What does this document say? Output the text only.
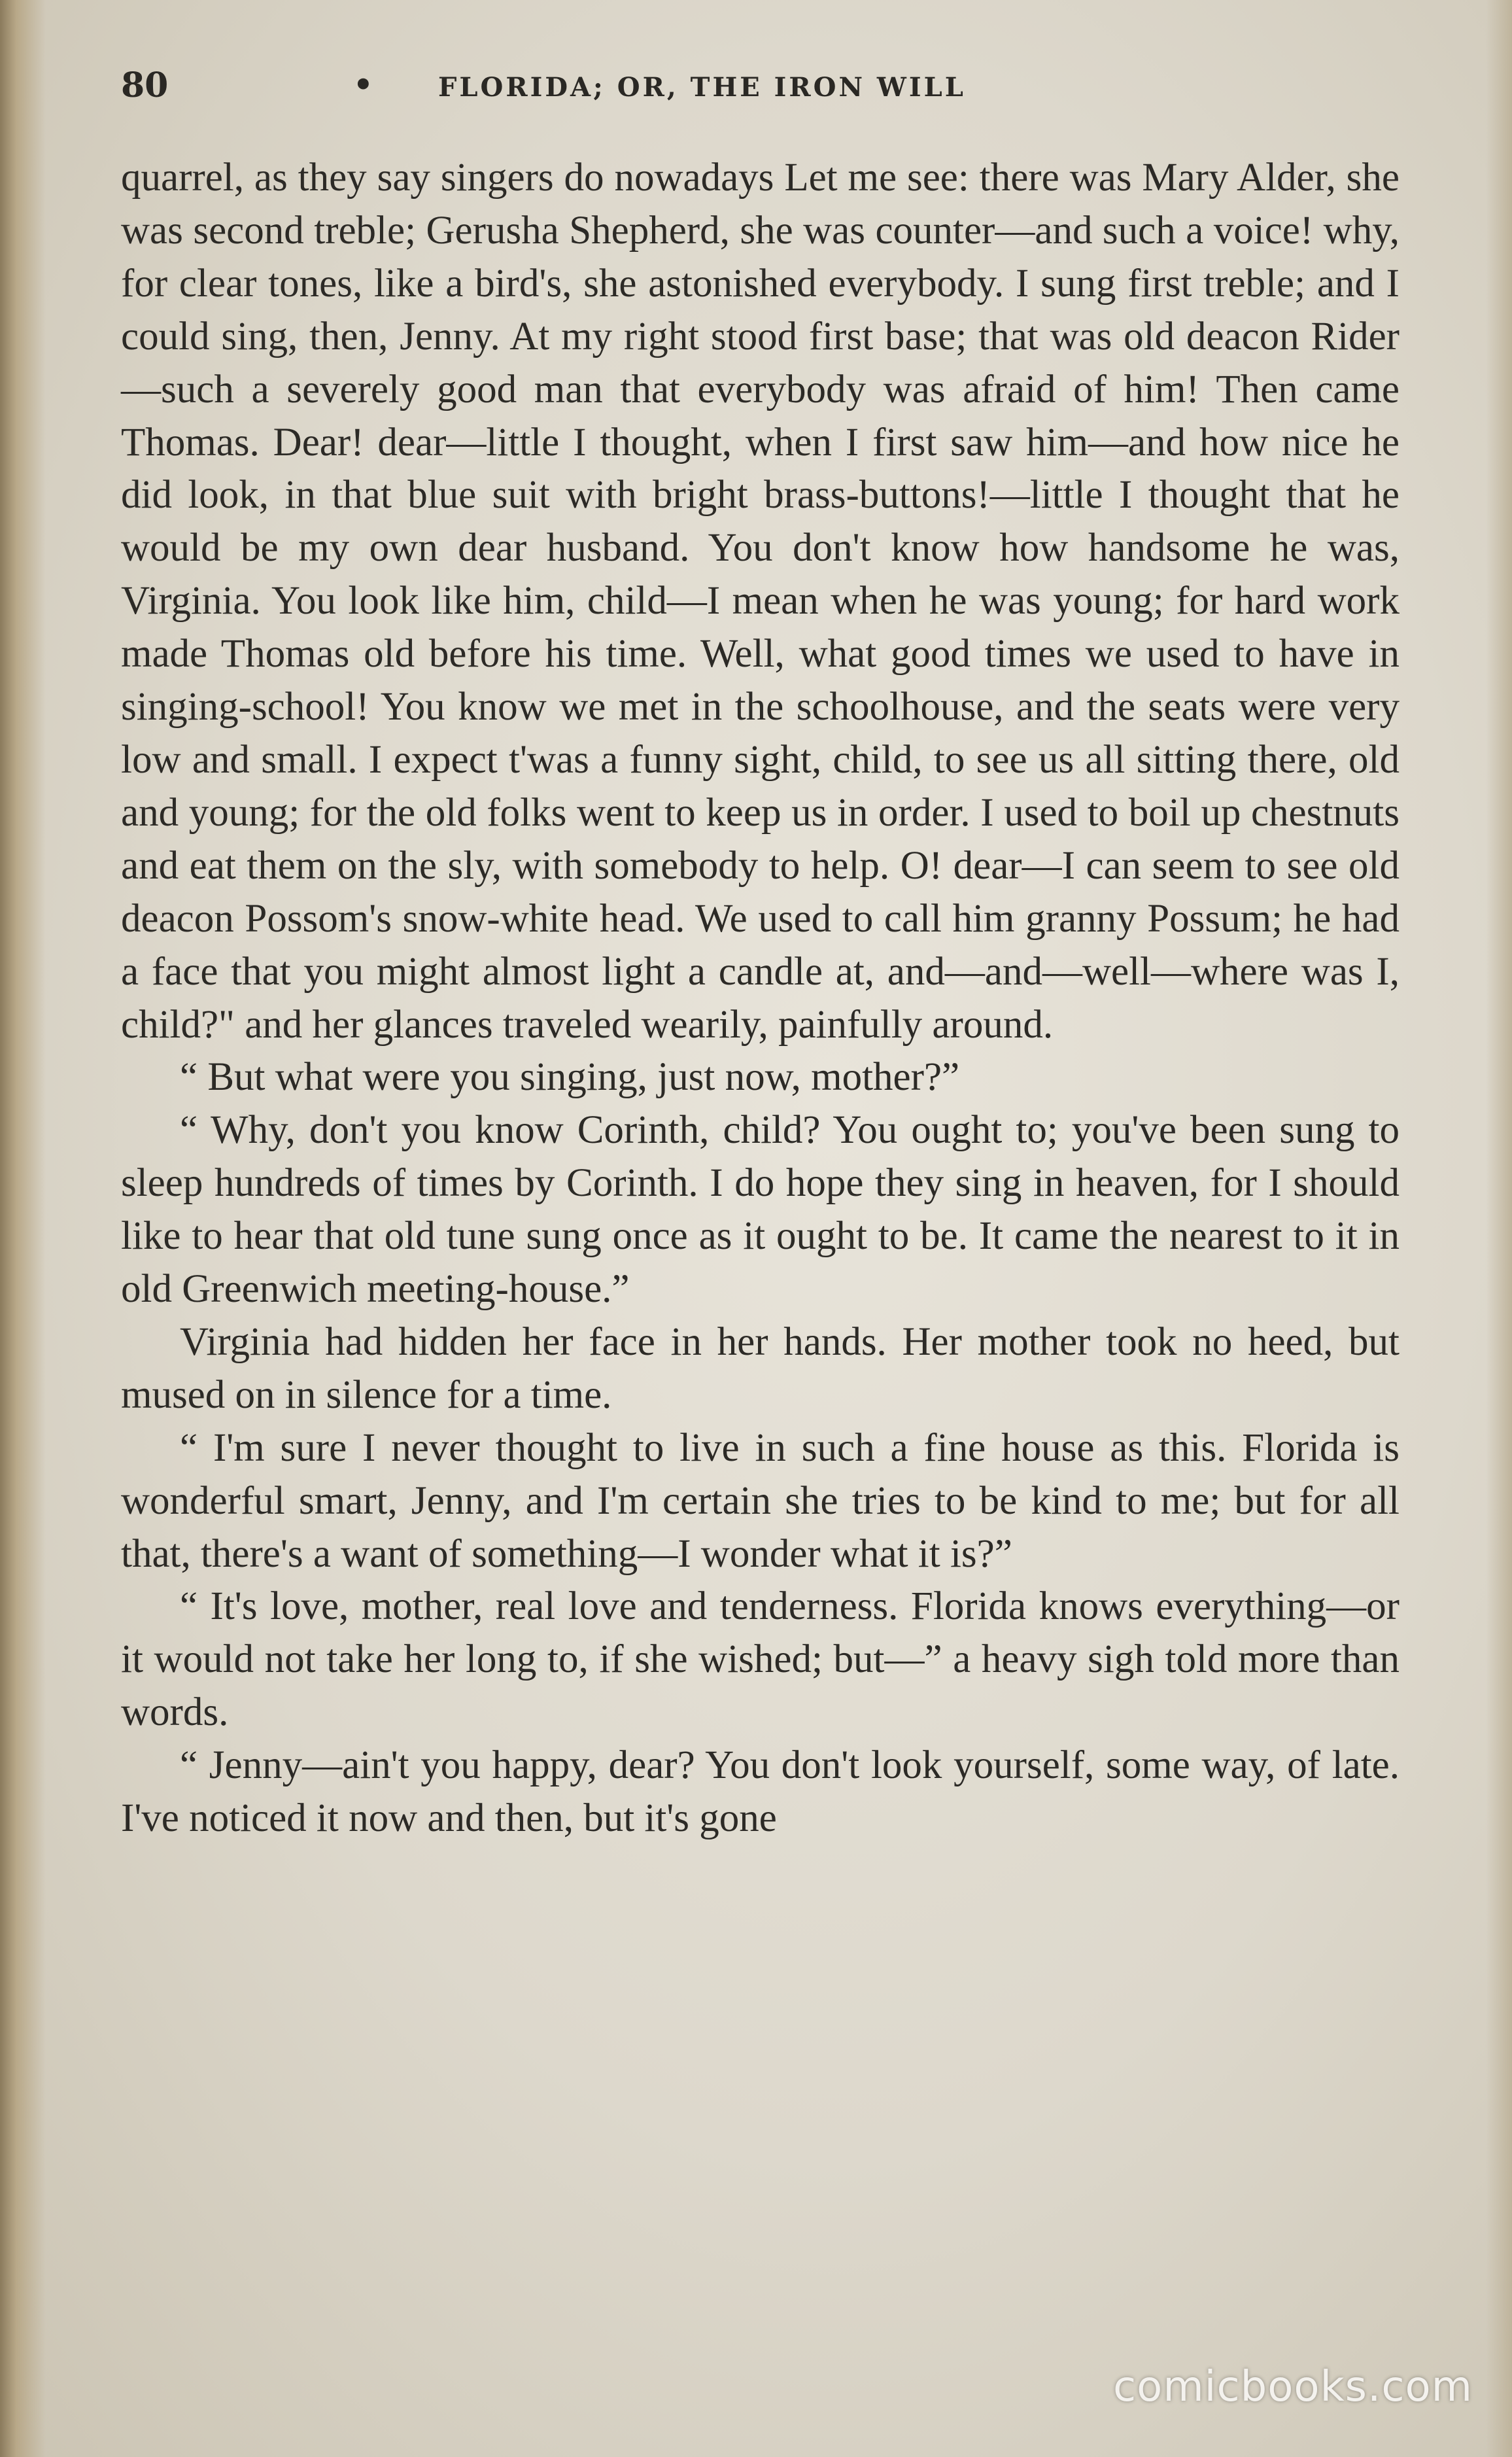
80	• FLORIDA; OR, THE IRON WILL

quarrel, as they say singers do nowadays Let me see: there was Mary Alder, she was second treble; Gerusha Shepherd, she was counter—and such a voice! why, for clear tones, like a bird's, she astonished everybody. I sung first treble; and I could sing, then, Jenny. At my right stood first base; that was old deacon Rider—such a severely good man that everybody was afraid of him! Then came Thomas. Dear! dear—little I thought, when I first saw him—and how nice he did look, in that blue suit with bright brass-buttons!—little I thought that he would be my own dear husband. You don't know how handsome he was, Virginia. You look like him, child—I mean when he was young; for hard work made Thomas old before his time. Well, what good times we used to have in singing-school! You know we met in the schoolhouse, and the seats were very low and small. I expect t'was a funny sight, child, to see us all sitting there, old and young; for the old folks went to keep us in order. I used to boil up chestnuts and eat them on the sly, with somebody to help. O! dear—I can seem to see old deacon Possom's snow-white head. We used to call him granny Possum; he had a face that you might almost light a candle at, and—and—well—where was I, child?" and her glances traveled wearily, painfully around.

“ But what were you singing, just now, mother?”

“ Why, don't you know Corinth, child? You ought to; you've been sung to sleep hundreds of times by Corinth. I do hope they sing in heaven, for I should like to hear that old tune sung once as it ought to be. It came the nearest to it in old Greenwich meeting-house.”

Virginia had hidden her face in her hands. Her mother took no heed, but mused on in silence for a time.

“ I'm sure I never thought to live in such a fine house as this. Florida is wonderful smart, Jenny, and I'm certain she tries to be kind to me; but for all that, there's a want of something—I wonder what it is?”

“ It's love, mother, real love and tenderness. Florida knows everything—or it would not take her long to, if she wished; but—” a heavy sigh told more than words.

“ Jenny—ain't you happy, dear? You don't look yourself, some way, of late. I've noticed it now and then, but it's gone

comicbooks.com
